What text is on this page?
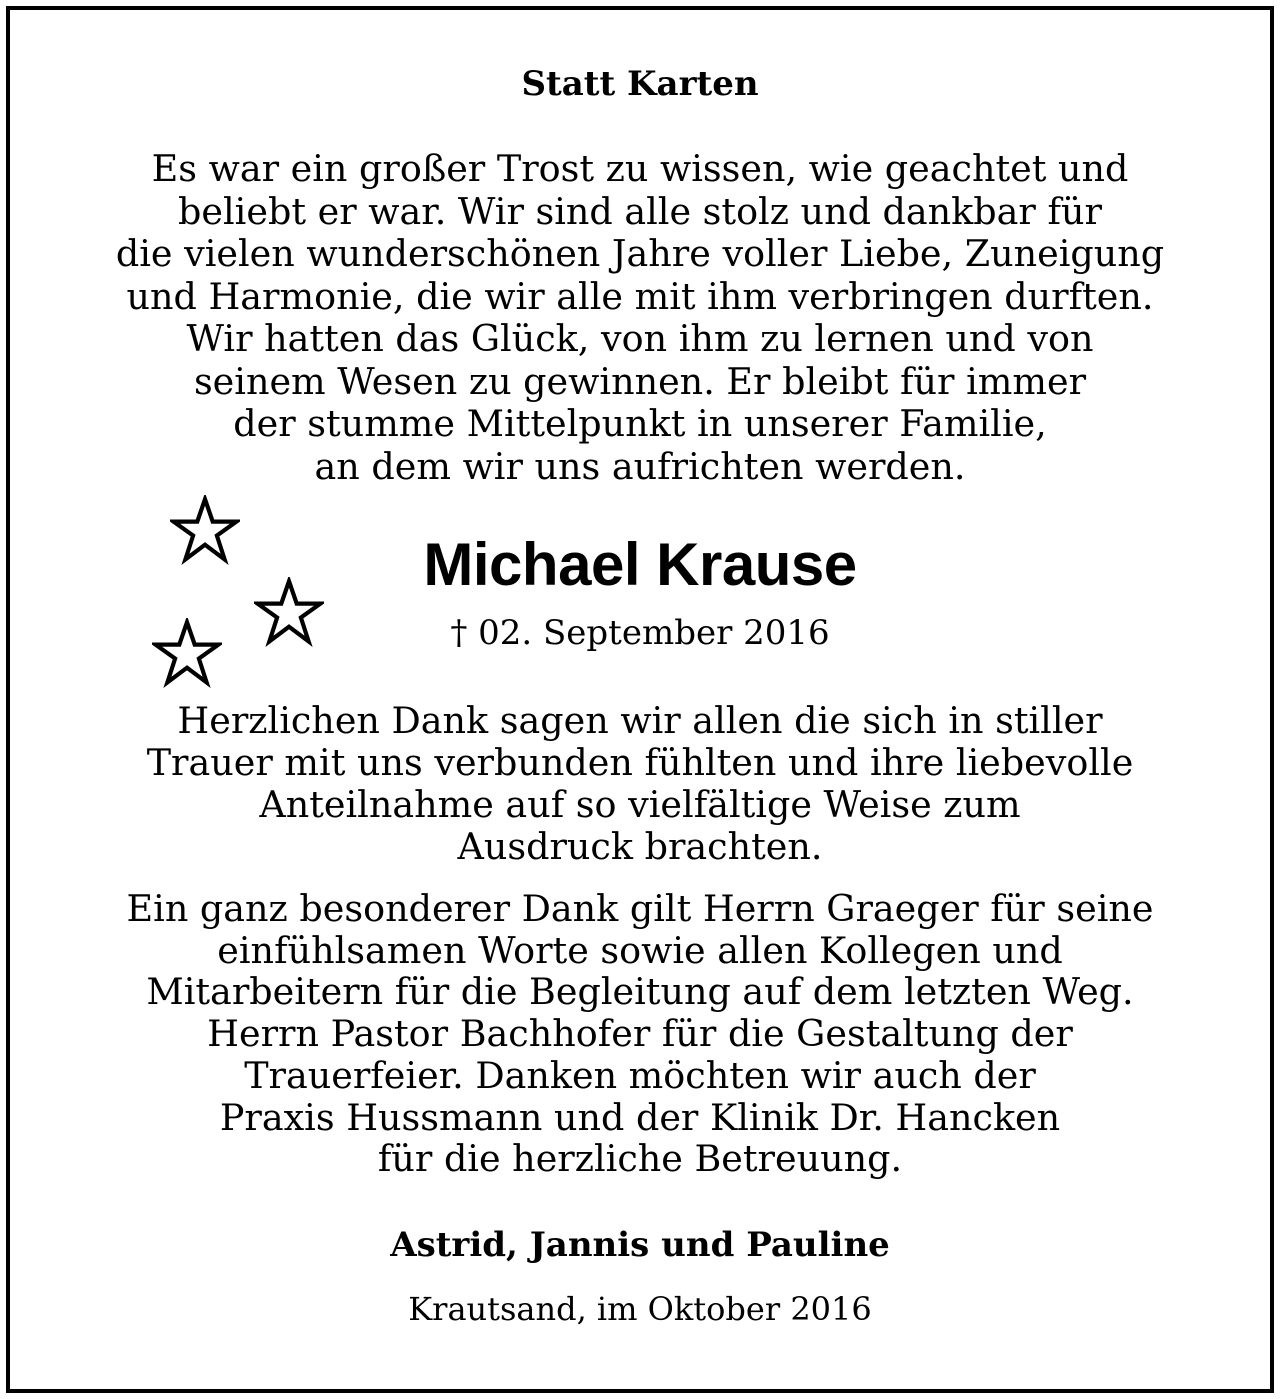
Statt Karten
Es war ein großer Trost zu wissen, wie geachtet und
beliebt er war. Wir sind alle stolz und dankbar für
die vielen wunderschönen Jahre voller Liebe, Zuneigung
und Harmonie, die wir alle mit ihm verbringen durften.
Wir hatten das Glück, von ihm zu lernen und von
seinem Wesen zu gewinnen. Er bleibt für immer
der stumme Mittelpunkt in unserer Familie,
an dem wir uns aufrichten werden.
Michael Krause
† 02. September 2016
Herzlichen Dank sagen wir allen die sich in stiller
Trauer mit uns verbunden fühlten und ihre liebevolle
Anteilnahme auf so vielfältige Weise zum
Ausdruck brachten.
Ein ganz besonderer Dank gilt Herrn Graeger für seine
einfühlsamen Worte sowie allen Kollegen und
Mitarbeitern für die Begleitung auf dem letzten Weg.
Herrn Pastor Bachhofer für die Gestaltung der
Trauerfeier. Danken möchten wir auch der
Praxis Hussmann und der Klinik Dr. Hancken
für die herzliche Betreuung.
Astrid, Jannis und Pauline
Krautsand, im Oktober 2016
